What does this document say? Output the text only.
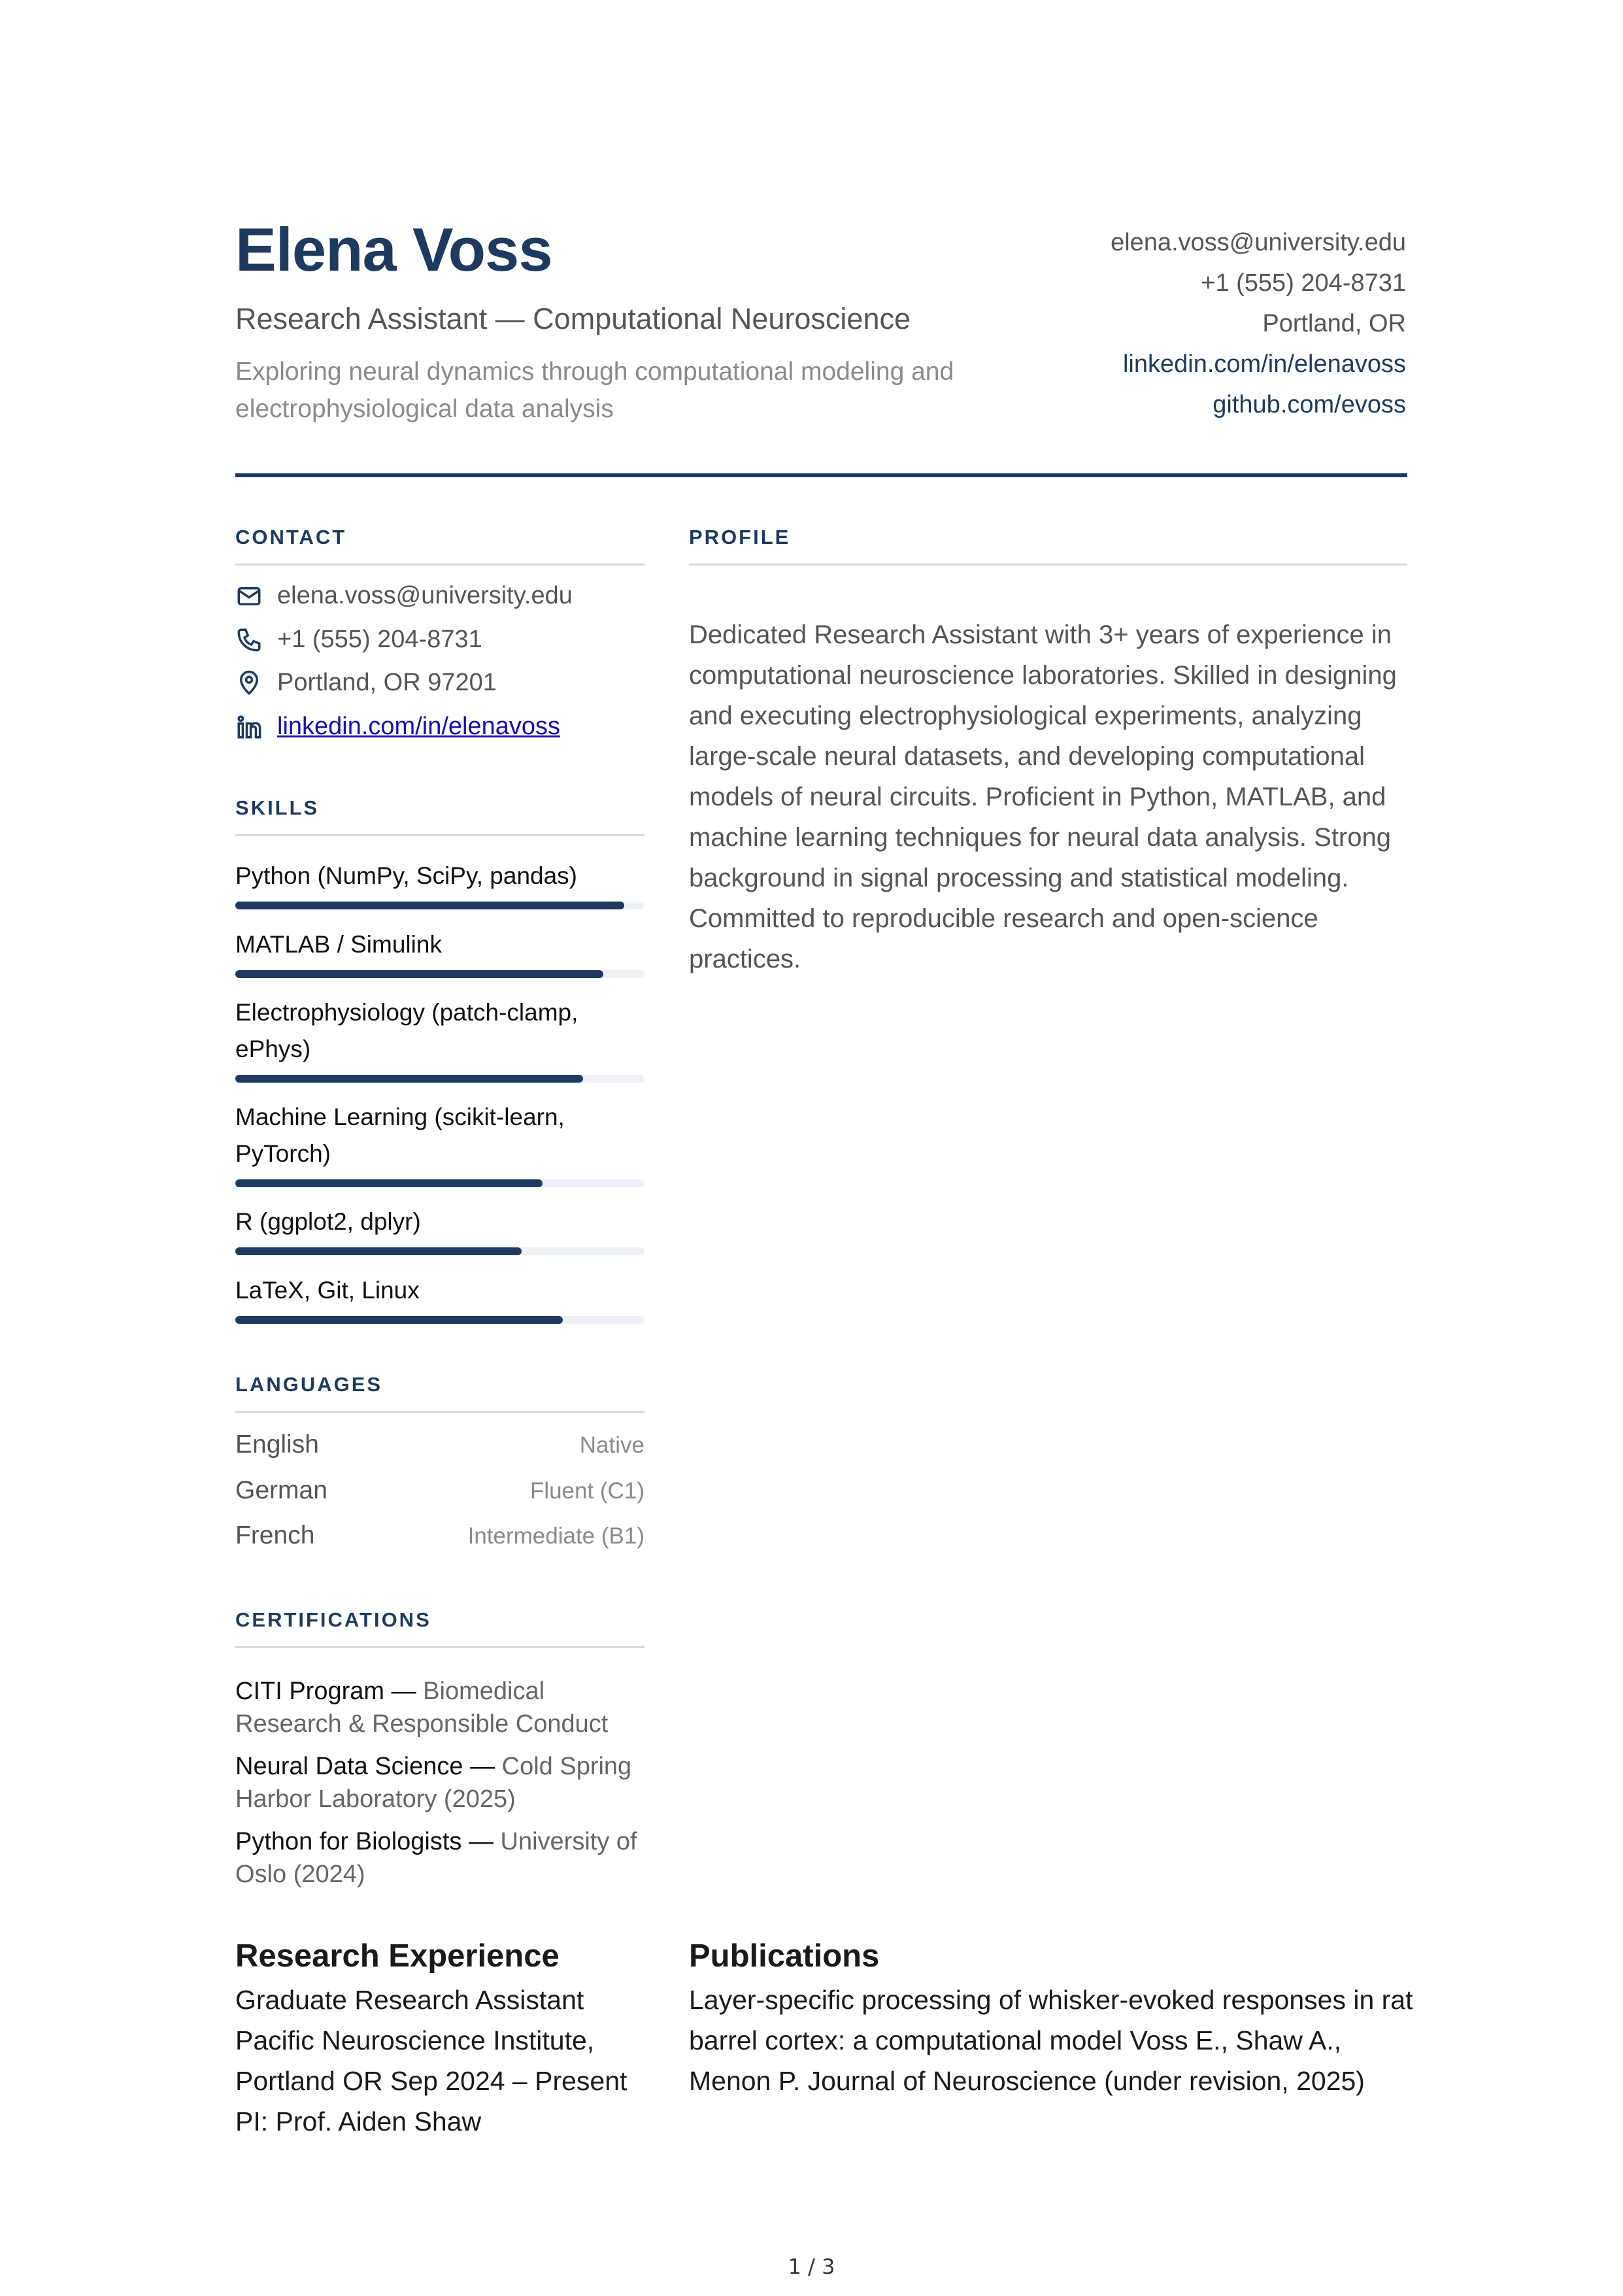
Elena Voss
Research Assistant — Computational Neuroscience
Exploring neural dynamics through computational modeling and electrophysiological data analysis
elena.voss@university.edu
+1 (555) 204-8731
Portland, OR
linkedin.com/in/elenavoss
github.com/evoss
CONTACT
elena.voss@university.edu
+1 (555) 204-8731
Portland, OR 97201
linkedin.com/in/elenavoss
SKILLS
Python (NumPy, SciPy, pandas)
MATLAB / Simulink
Electrophysiology (patch-clamp, ePhys)
Machine Learning (scikit-learn, PyTorch)
R (ggplot2, dplyr)
LaTeX, Git, Linux
LANGUAGES
English	Native
German	Fluent (C1)
French	Intermediate (B1)
CERTIFICATIONS
CITI Program — Biomedical Research & Responsible Conduct
Neural Data Science — Cold Spring Harbor Laboratory (2025)
Python for Biologists — University of Oslo (2024)
PROFILE
Dedicated Research Assistant with 3+ years of experience in computational neuroscience laboratories. Skilled in designing and executing electrophysiological experiments, analyzing large-scale neural datasets, and developing computational models of neural circuits. Proficient in Python, MATLAB, and machine learning techniques for neural data analysis. Strong background in signal processing and statistical modeling. Committed to reproducible research and open-science practices.
Research Experience
Graduate Research Assistant Pacific Neuroscience Institute, Portland OR Sep 2024 – Present PI: Prof. Aiden Shaw
Publications
Layer-specific processing of whisker-evoked responses in rat barrel cortex: a computational model Voss E., Shaw A., Menon P. Journal of Neuroscience (under revision, 2025)
1 / 3
